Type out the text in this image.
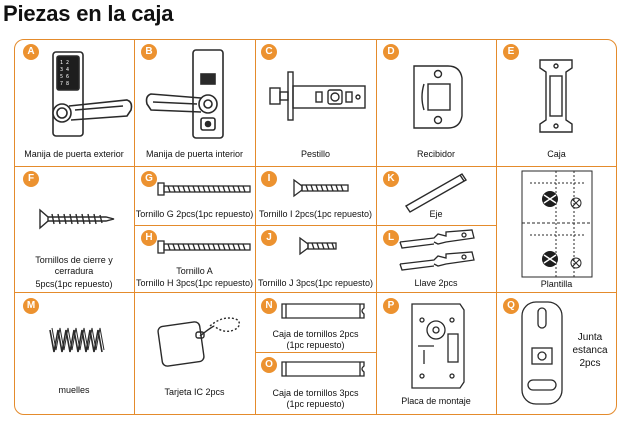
Piezas en la caja
A
1 2
3 4
5 6
7 8
Manija de puerta exterior
B
Manija de puerta interior
C
Pestillo
D
Recibidor
E
Caja
F
Tornillos de cierre y
cerradura
5pcs(1pc repuesto)
G
Tornillo G 2pcs(1pc repuesto)
H
Tornillo A
Tornillo H 3pcs(1pc repuesto)
I
Tornillo I 2pcs(1pc repuesto)
J
Tornillo J 3pcs(1pc repuesto)
K
Eje
L
Llave 2pcs	Plantilla
M
muelles	Tarjeta IC 2pcs
N
Caja de tornillos 2pcs
(1pc repuesto)
O
Caja de tornillos 3pcs
(1pc repuesto)
P
Placa de montaje
Q
Junta
estanca
2pcs
